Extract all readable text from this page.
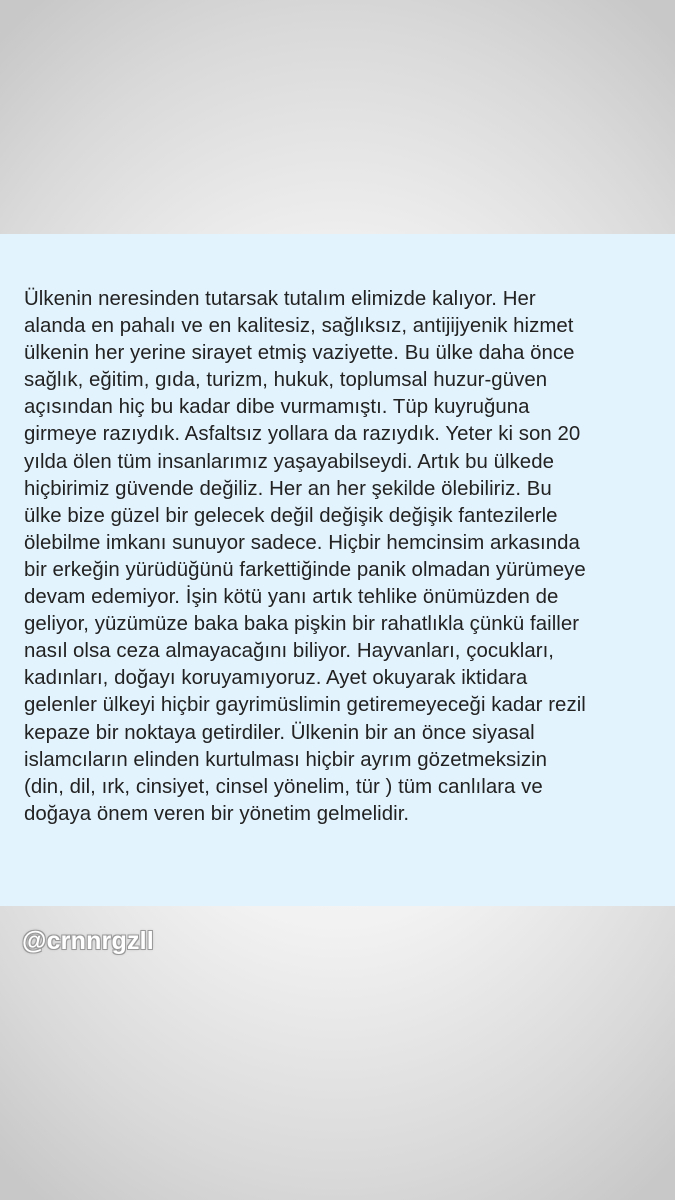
Ülkenin neresinden tutarsak tutalım elimizde kalıyor. Her
alanda en pahalı ve en kalitesiz, sağlıksız, antijijyenik hizmet
ülkenin her yerine sirayet etmiş vaziyette. Bu ülke daha önce
sağlık, eğitim, gıda, turizm, hukuk, toplumsal huzur-güven
açısından hiç bu kadar dibe vurmamıştı. Tüp kuyruğuna
girmeye razıydık. Asfaltsız yollara da razıydık. Yeter ki son 20
yılda ölen tüm insanlarımız yaşayabilseydi. Artık bu ülkede
hiçbirimiz güvende değiliz. Her an her şekilde ölebiliriz. Bu
ülke bize güzel bir gelecek değil değişik değişik fantezilerle
ölebilme imkanı sunuyor sadece. Hiçbir hemcinsim arkasında
bir erkeğin yürüdüğünü farkettiğinde panik olmadan yürümeye
devam edemiyor. İşin kötü yanı artık tehlike önümüzden de
geliyor, yüzümüze baka baka pişkin bir rahatlıkla çünkü failler
nasıl olsa ceza almayacağını biliyor. Hayvanları, çocukları,
kadınları, doğayı koruyamıyoruz. Ayet okuyarak iktidara
gelenler ülkeyi hiçbir gayrimüslimin getiremeyeceği kadar rezil
kepaze bir noktaya getirdiler. Ülkenin bir an önce siyasal
islamcıların elinden kurtulması hiçbir ayrım gözetmeksizin
(din, dil, ırk, cinsiyet, cinsel yönelim, tür ) tüm canlılara ve
doğaya önem veren bir yönetim gelmelidir.

@crnnrgzll
